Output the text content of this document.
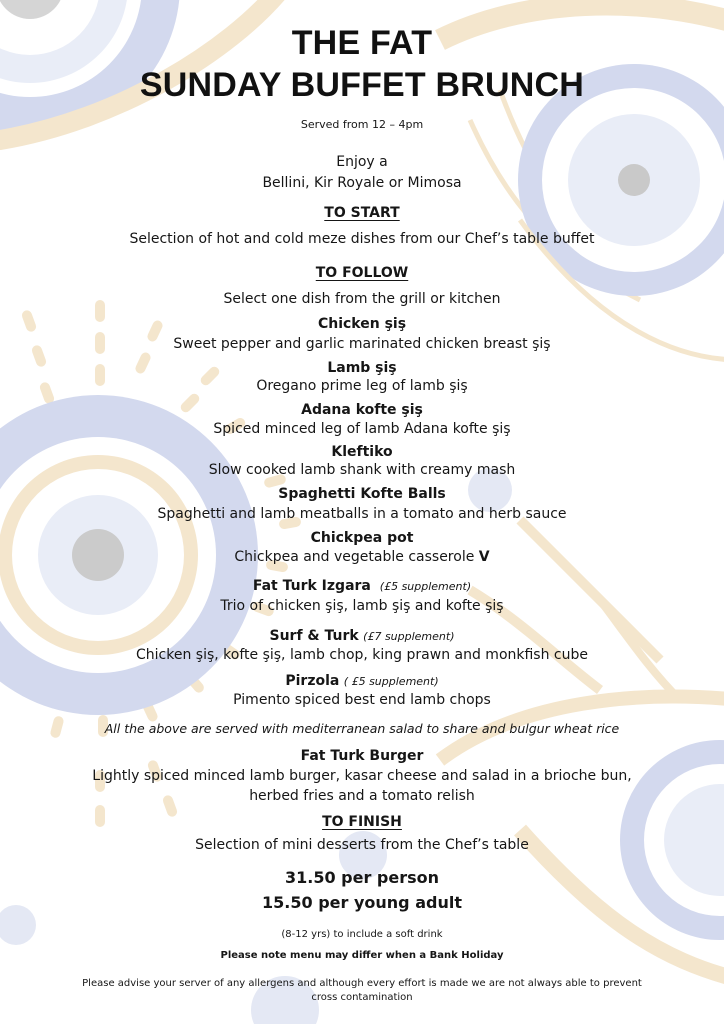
THE FAT
SUNDAY BUFFET BRUNCH

Served from 12 – 4pm

Enjoy a

Bellini, Kir Royale or Mimosa

TO START

Selection of hot and cold meze dishes from our Chef’s table buffet

TO FOLLOW

Select one dish from the grill or kitchen

Chicken şiş

Sweet pepper and garlic marinated chicken breast şiş

Lamb şiş

Oregano prime leg of lamb şiş

Adana kofte şiş

Spiced minced leg of lamb Adana kofte şiş

Kleftiko

Slow cooked lamb shank with creamy mash

Spaghetti Kofte Balls

Spaghetti and lamb meatballs in a tomato and herb sauce

Chickpea pot

Chickpea and vegetable casserole V

Fat Turk Izgara (£5 supplement)

Trio of chicken şiş, lamb şiş and kofte şiş

Surf & Turk (£7 supplement)

Chicken şiş, kofte şiş, lamb chop, king prawn and monkfish cube

Pirzola ( £5 supplement)

Pimento spiced best end lamb chops

All the above are served with mediterranean salad to share and bulgur wheat rice

Fat Turk Burger

Lightly spiced minced lamb burger, kasar cheese and salad in a brioche bun,

herbed fries and a tomato relish

TO FINISH

Selection of mini desserts from the Chef’s table

31.50 per person

15.50 per young adult

(8-12 yrs) to include a soft drink

Please note menu may differ when a Bank Holiday

Please advise your server of any allergens and although every effort is made we are not always able to prevent

cross contamination
